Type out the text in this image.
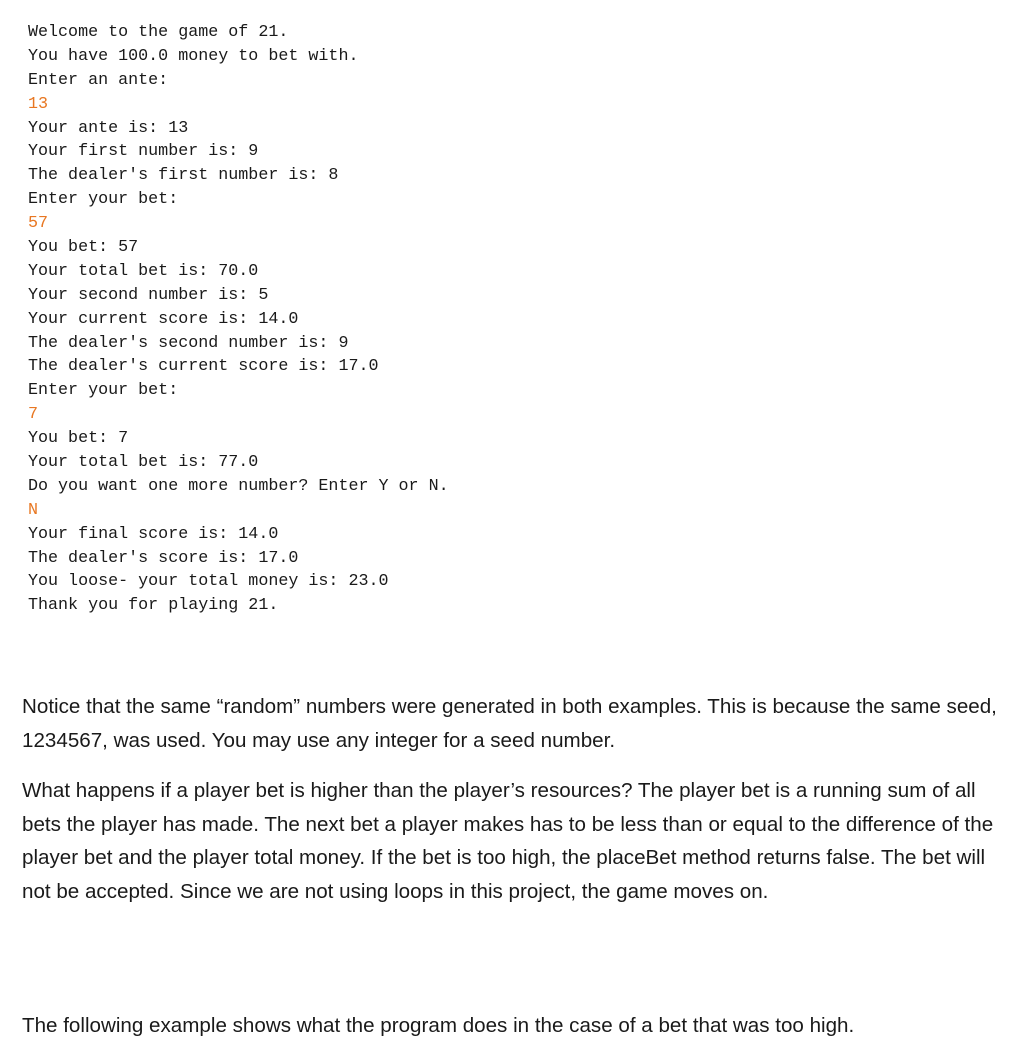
Welcome to the game of 21.
You have 100.0 money to bet with.
Enter an ante:
13
Your ante is: 13
Your first number is: 9
The dealer's first number is: 8
Enter your bet:
57
You bet: 57
Your total bet is: 70.0
Your second number is: 5
Your current score is: 14.0
The dealer's second number is: 9
The dealer's current score is: 17.0
Enter your bet:
7
You bet: 7
Your total bet is: 77.0
Do you want one more number? Enter Y or N.
N
Your final score is: 14.0
The dealer's score is: 17.0
You loose- your total money is: 23.0
Thank you for playing 21.

Notice that the same “random” numbers were generated in both examples. This is because the same seed, 1234567, was used. You may use any integer for a seed number.

What happens if a player bet is higher than the player’s resources? The player bet is a running sum of all bets the player has made. The next bet a player makes has to be less than or equal to the difference of the player bet and the player total money. If the bet is too high, the placeBet method returns false. The bet will not be accepted. Since we are not using loops in this project, the game moves on.

The following example shows what the program does in the case of a bet that was too high.
